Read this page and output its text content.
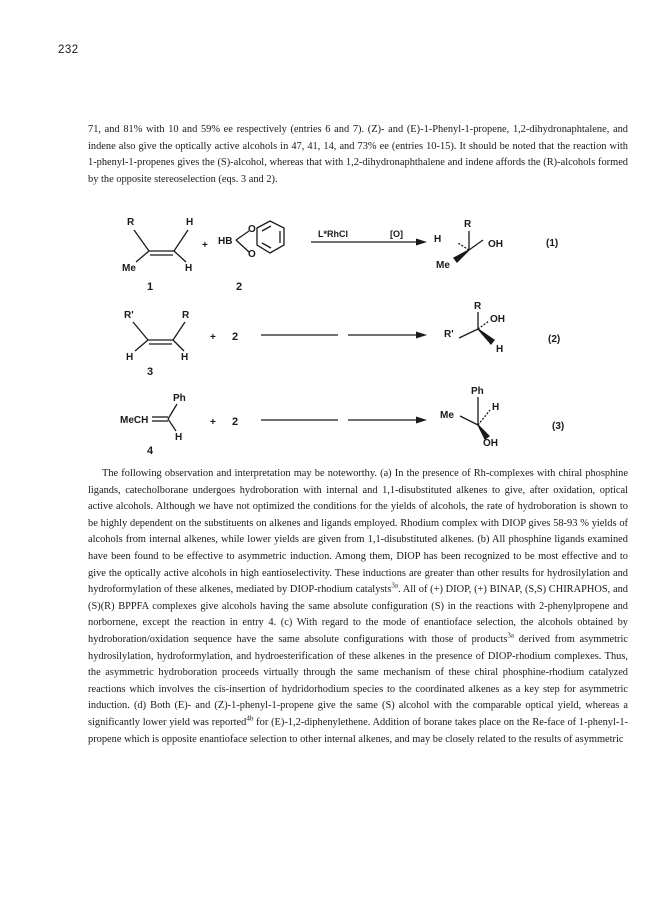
232

71, and 81% with 10 and 59% ee respectively (entries 6 and 7). (Z)- and (E)-1-Phenyl-1-propene, 1,2-dihydronaphtalene, and indene also give the optically active alcohols in 47, 41, 14, and 73% ee (entries 10-15). It should be noted that the reaction with 1-phenyl-1-propenes gives the (S)-alcohol, whereas that with 1,2-dihydronaphthalene and indene affords the (R)-alcohols formed by the opposite stereoselection (eqs. 3 and 2).

R	H
Me	H
1
+ HB
O
O
2
L*RhCl	[O]
R
H
Me
OH	(1)
R'	R
H	H
3
+ 2
R
OH
R'
H
(2)
Ph
MeCH
H
4
+ 2
Ph
Me
H
OH
(3)

The following observation and interpretation may be noteworthy. (a) In the presence of Rh-complexes with chiral phosphine ligands, catecholborane undergoes hydroboration with internal and 1,1-disubstituted alkenes to give, after oxidation, optical active alcohols. Although we have not optimized the conditions for the yields of alcohols, the rate of hydroboration is shown to be highly dependent on the substituents on alkenes and ligands employed. Rhodium complex with DIOP gives 58-93 % yields of alcohols from internal alkenes, while lower yields are given from 1,1-disubstituted alkenes. (b) All phosphine ligands examined have been found to be effective to asymmetric induction. Among them, DIOP has been recognized to be most effective and to give the optically active alcohols in high eantioselectivity. These inductions are greater than other results for hydrosilylation and hydroformylation of these alkenes, mediated by DIOP-rhodium catalysts$^{3a}$. All of (+) DIOP, (+) BINAP, (S,S) CHIRAPHOS, and (S)(R) BPPFA complexes give alcohols having the same absolute configuration (S) in the reactions with 2-phenylpropene and norbornene, except the reaction in entry 4. (c) With regard to the mode of enantioface selection, the alcohols obtained by hydroboration/oxidation sequence have the same absolute configurations with those of products$^{3a}$ derived from asymmetric hydrosilylation, hydroformylation, and hydroesterification of these alkenes in the presence of DIOP-rhodium complexes. Thus, the asymmetric hydroboration proceeds virtually through the same mechanism of these chiral phosphine-rhodium catalyzed reactions which involves the cis-insertion of hydridorhodium species to the coordinated alkenes as a key step for asymmetric induction. (d) Both (E)- and (Z)-1-phenyl-1-propene give the same (S) alcohol with the comparable optical yield, whereas a significantly lower yield was reported$^{4b}$ for (E)-1,2-diphenylethene. Addition of borane takes place on the Re-face of 1-phenyl-1-propene which is opposite enantioface selection to other internal alkenes, and may be closely related to the results of asymmetric
